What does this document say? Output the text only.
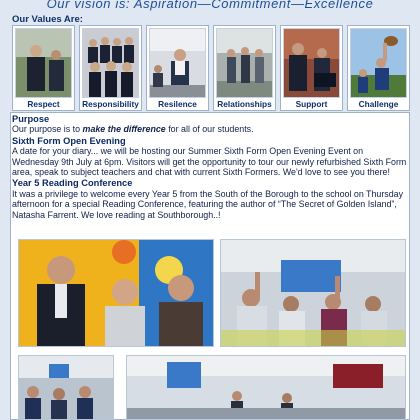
Our vision is: Aspiration—Commitment—Excellence
Our Values Are:
Respect	Responsibility	Resilence	Relationships	Support	Challenge

Purpose

Our purpose is to make the difference for all of our students.

Sixth Form Open Evening

A date for your diary... we will be hosting our Summer Sixth Form Open Evening Event on Wednesday 9th July at 6pm. Visitors will get the opportunity to tour our newly refurbished Sixth Form area, speak to subject teachers and chat with current Sixth Formers. We'd love to see you there!

Year 5 Reading Conference

It was a privilege to welcome every Year 5 from the South of the Borough to the school on Thursday afternoon for a special Reading Conference, featuring the author of “The Secret of Golden Island”, Natasha Farrent. We love reading at Southborough..!
